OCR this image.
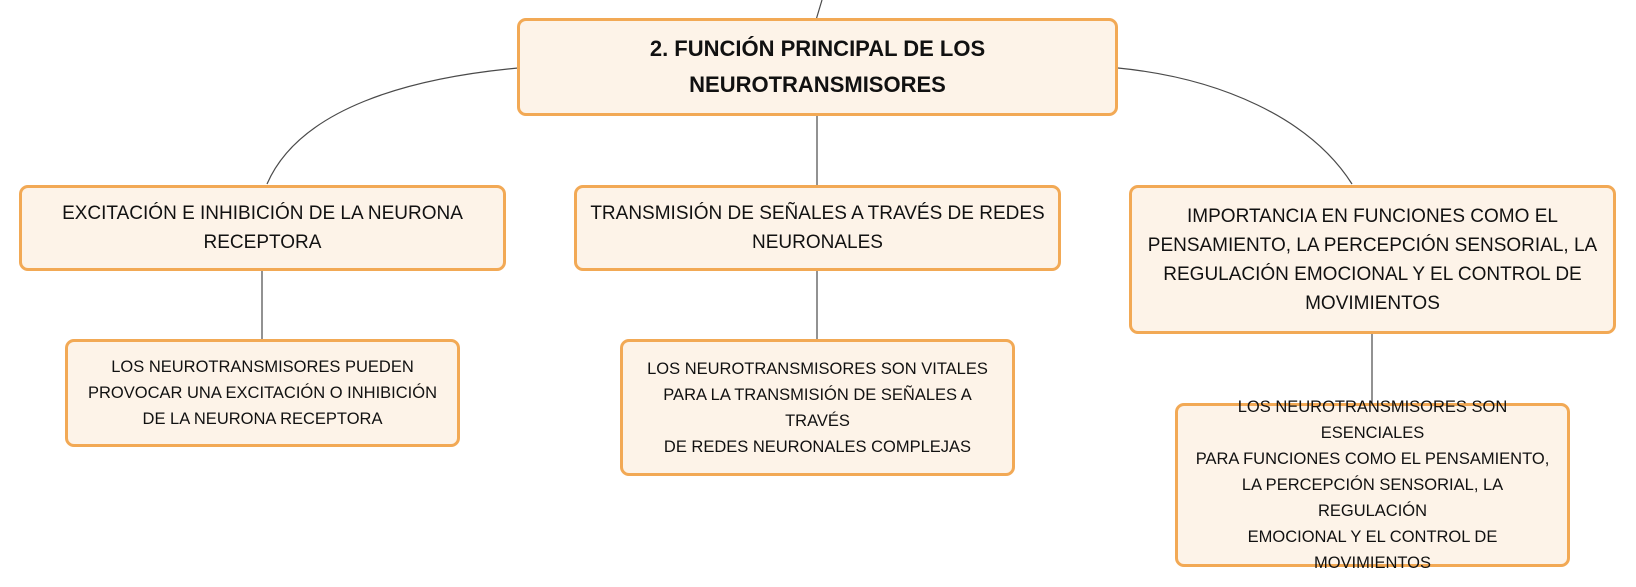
2. FUNCIÓN PRINCIPAL DE LOS
NEUROTRANSMISORES
EXCITACIÓN E INHIBICIÓN DE LA NEURONA
RECEPTORA
TRANSMISIÓN DE SEÑALES A TRAVÉS DE REDES
NEURONALES
IMPORTANCIA EN FUNCIONES COMO EL
PENSAMIENTO, LA PERCEPCIÓN SENSORIAL, LA
REGULACIÓN EMOCIONAL Y EL CONTROL DE
MOVIMIENTOS
LOS NEUROTRANSMISORES PUEDEN
PROVOCAR UNA EXCITACIÓN O INHIBICIÓN
DE LA NEURONA RECEPTORA
LOS NEUROTRANSMISORES SON VITALES
PARA LA TRANSMISIÓN DE SEÑALES A TRAVÉS
DE REDES NEURONALES COMPLEJAS
LOS NEUROTRANSMISORES SON ESENCIALES
PARA FUNCIONES COMO EL PENSAMIENTO,
LA PERCEPCIÓN SENSORIAL, LA REGULACIÓN
EMOCIONAL Y EL CONTROL DE
MOVIMIENTOS
